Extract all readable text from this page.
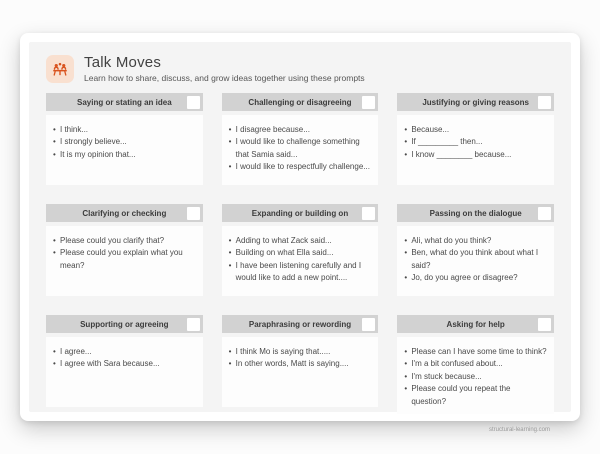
Talk Moves
Learn how to share, discuss, and grow ideas together using these prompts
Saying or stating an idea
• I think...
• I strongly believe...
• It is my opinion that...
Challenging or disagreeing
• I disagree because...
• I would like to challenge something that Samia said...
• I would like to respectfully challenge...
Justifying or giving reasons
• Because...
• If _________ then...
• I know ________ because...
Clarifying or checking
• Please could you clarify that?
• Please could you explain what you mean?
Expanding or building on
• Adding to what Zack said...
• Building on what Ella said...
• I have been listening carefully and I would like to add a new point....
Passing on the dialogue
• Ali, what do you think?
• Ben, what do you think about what I said?
• Jo, do you agree or disagree?
Supporting or agreeing
• I agree...
• I agree with Sara because...
Paraphrasing or rewording
• I think Mo is saying that.....
• In other words, Matt is saying....
Asking for help
• Please can I have some time to think?
• I'm a bit confused about...
• I'm stuck because...
• Please could you repeat the question?
structural-learning.com
